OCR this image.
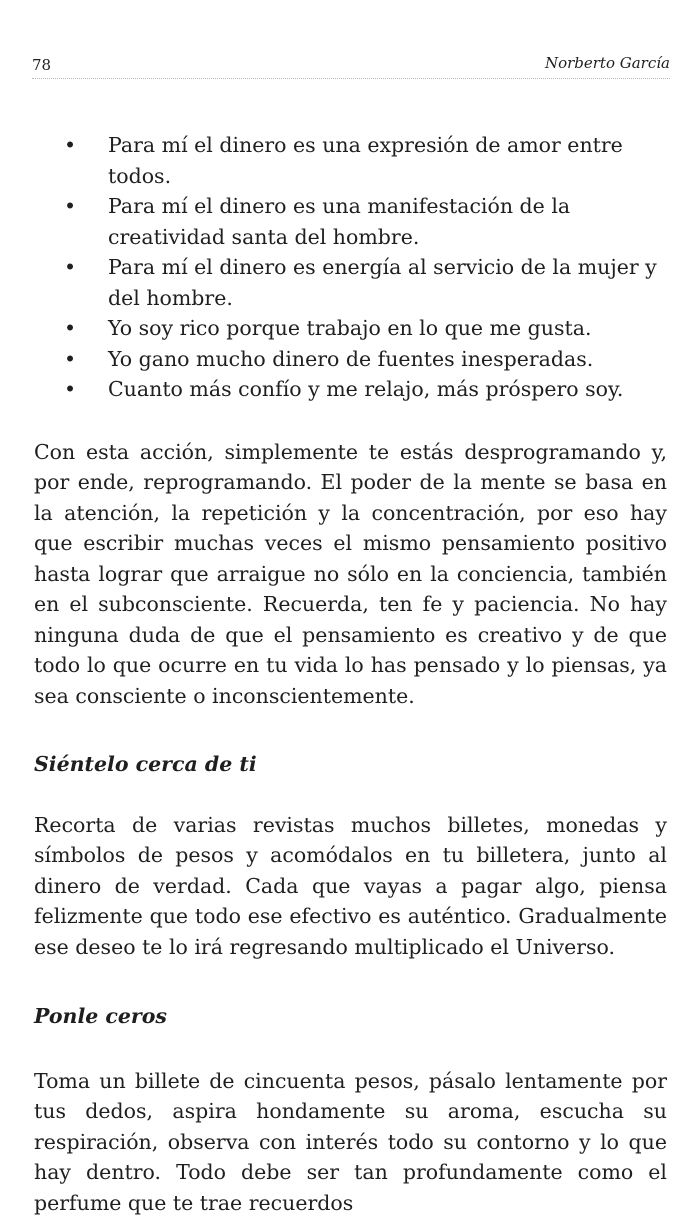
78	Norberto García
• Para mí el dinero es una expresión de amor entre todos.
• Para mí el dinero es una manifestación de la creatividad santa del hombre.
• Para mí el dinero es energía al servicio de la mujer y del hombre.
• Yo soy rico porque trabajo en lo que me gusta.
• Yo gano mucho dinero de fuentes inesperadas.
• Cuanto más confío y me relajo, más próspero soy.

Con esta acción, simplemente te estás desprogramando y, por ende, reprogramando. El poder de la mente se basa en la atención, la repetición y la concentración, por eso hay que escribir muchas veces el mismo pensamiento positivo hasta lograr que arraigue no sólo en la conciencia, también en el subconsciente. Recuerda, ten fe y paciencia. No hay ninguna duda de que el pensamiento es creativo y de que todo lo que ocurre en tu vida lo has pensado y lo piensas, ya sea consciente o inconscientemente.

Siéntelo cerca de ti

Recorta de varias revistas muchos billetes, monedas y símbolos de pesos y acomódalos en tu billetera, junto al dinero de verdad. Cada que vayas a pagar algo, piensa felizmente que todo ese efectivo es auténtico. Gradualmente ese deseo te lo irá regresando multiplicado el Universo.

Ponle ceros

Toma un billete de cincuenta pesos, pásalo lentamente por tus dedos, aspira hondamente su aroma, escucha su respiración, observa con interés todo su contorno y lo que hay dentro. Todo debe ser tan profundamente como el perfume que te trae recuerdos
